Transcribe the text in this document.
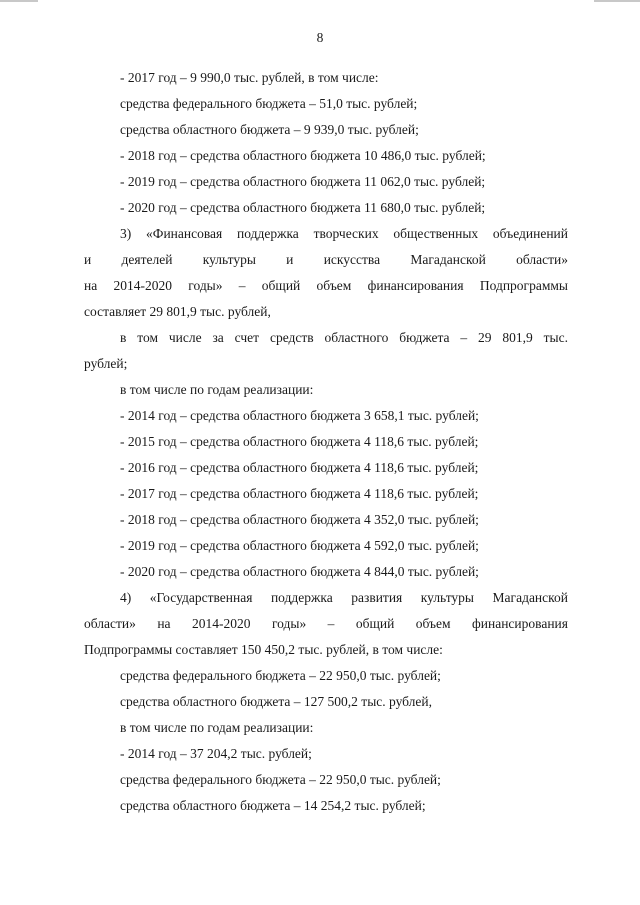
8
- 2017 год – 9 990,0 тыс. рублей, в том числе:
средства федерального бюджета – 51,0 тыс. рублей;
средства областного бюджета – 9 939,0 тыс. рублей;
- 2018 год – средства областного бюджета 10 486,0 тыс. рублей;
- 2019 год – средства областного бюджета 11 062,0 тыс. рублей;
- 2020 год – средства областного бюджета 11 680,0 тыс. рублей;
3) «Финансовая поддержка творческих общественных объединений
и деятелей культуры и искусства Магаданской области»
на 2014-2020 годы» – общий объем финансирования Подпрограммы
составляет 29 801,9 тыс. рублей,
в том числе за счет средств областного бюджета – 29 801,9 тыс.
рублей;
в том числе по годам реализации:
- 2014 год – средства областного бюджета 3 658,1 тыс. рублей;
- 2015 год – средства областного бюджета 4 118,6 тыс. рублей;
- 2016 год – средства областного бюджета 4 118,6 тыс. рублей;
- 2017 год – средства областного бюджета 4 118,6 тыс. рублей;
- 2018 год – средства областного бюджета 4 352,0 тыс. рублей;
- 2019 год – средства областного бюджета 4 592,0 тыс. рублей;
- 2020 год – средства областного бюджета 4 844,0 тыс. рублей;
4) «Государственная поддержка развития культуры Магаданской
области» на 2014-2020 годы» – общий объем финансирования
Подпрограммы составляет 150 450,2 тыс. рублей, в том числе:
средства федерального бюджета – 22 950,0 тыс. рублей;
средства областного бюджета – 127 500,2 тыс. рублей,
в том числе по годам реализации:
- 2014 год – 37 204,2 тыс. рублей;
средства федерального бюджета – 22 950,0 тыс. рублей;
средства областного бюджета – 14 254,2 тыс. рублей;
